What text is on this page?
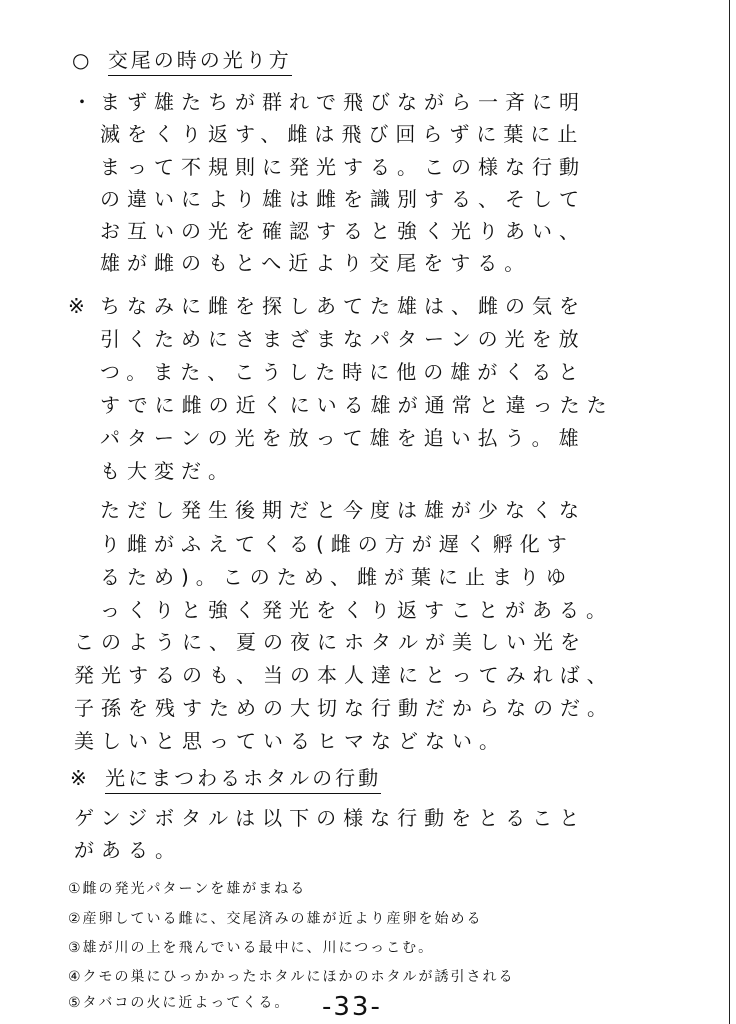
○ 交尾の時の光り方
・ まず雄たちが群れで飛びながら一斉に明
滅をくり返す、雌は飛び回らずに葉に止
まって不規則に発光する。この様な行動
の違いにより雄は雌を識別する、そして
お互いの光を確認すると強く光りあい、
雄が雌のもとへ近より交尾をする。
※ ちなみに雌を探しあてた雄は、雌の気を
引くためにさまざまなパターンの光を放
つ。また、こうした時に他の雄がくると
すでに雌の近くにいる雄が通常と違ったた
パターンの光を放って雄を追い払う。雄
も大変だ。
ただし発生後期だと今度は雄が少なくな
り雌がふえてくる(雌の方が遅く孵化す
るため)。このため、雌が葉に止まりゆ
っくりと強く発光をくり返すことがある。
このように、夏の夜にホタルが美しい光を
発光するのも、当の本人達にとってみれば、
子孫を残すための大切な行動だからなのだ。
美しいと思っているヒマなどない。
※ 光にまつわるホタルの行動
ゲンジボタルは以下の様な行動をとること
がある。
①雌の発光パターンを雄がまねる
②産卵している雌に、交尾済みの雄が近より産卵を始める
③雄が川の上を飛んでいる最中に、川につっこむ。
④クモの巣にひっかかったホタルにほかのホタルが誘引される
⑤タバコの火に近よってくる。 -33-
